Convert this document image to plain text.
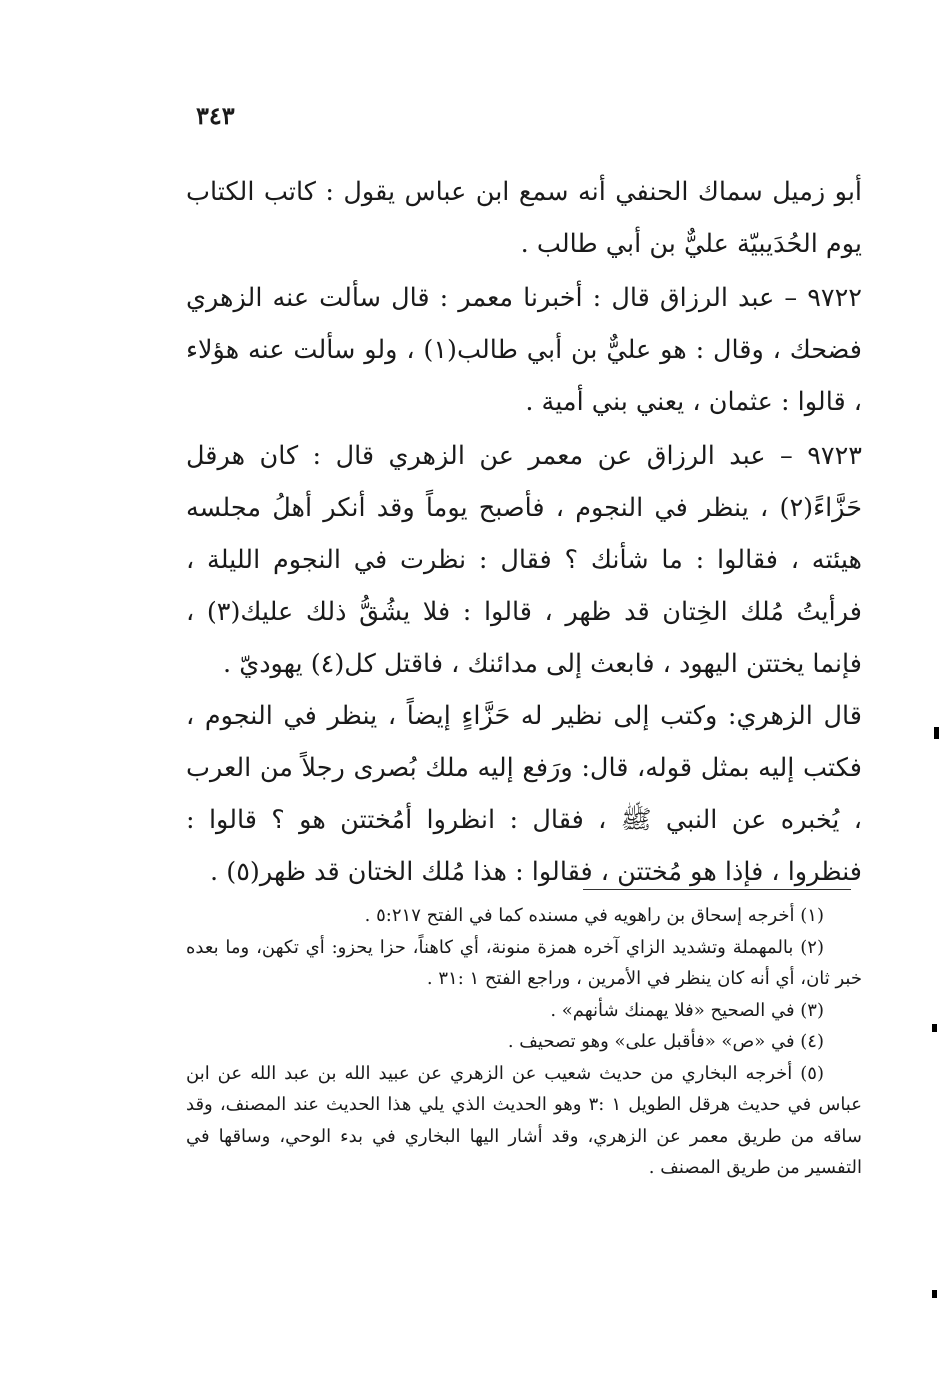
٣٤٣

أبو زميل سماك الحنفي أنه سمع ابن عباس يقول : كاتب الكتاب يوم الحُدَيبيّة عليٌّ بن أبي طالب .

٩٧٢٢ – عبد الرزاق قال : أخبرنا معمر : قال سألت عنه الزهري فضحك ، وقال : هو عليٌّ بن أبي طالب(١) ، ولو سألت عنه هؤلاء ، قالوا : عثمان ، يعني بني أمية .

٩٧٢٣ – عبد الرزاق عن معمر عن الزهري قال : كان هرقل حَزَّاءً(٢) ، ينظر في النجوم ، فأصبح يوماً وقد أنكر أهلُ مجلسه هيئته ، فقالوا : ما شأنك ؟ فقال : نظرت في النجوم الليلة ، فرأيتُ مُلك الخِتان قد ظهر ، قالوا : فلا يشُقُّ ذلك عليك(٣) ، فإنما يختتن اليهود ، فابعث إلى مدائنك ، فاقتل كل(٤) يهوديّ .

قال الزهري: وكتب إلى نظير له حَزَّاءٍ إيضاً ، ينظر في النجوم ، فكتب إليه بمثل قوله، قال: ورَفع إليه ملك بُصرى رجلاً من العرب ، يُخبره عن النبي ﷺ ، فقال : انظروا أمُختتن هو ؟ قالوا : فنظروا ، فإذا هو مُختتن ، فقالوا : هذا مُلك الختان قد ظهر(٥) .

(١) أخرجه إسحاق بن راهويه في مسنده كما في الفتح ٥:٢١٧ .

(٢) بالمهملة وتشديد الزاي آخره همزة منونة، أي كاهناً، حزا يحزو: أي تكهن، وما بعده خبر ثان، أي أنه كان ينظر في الأمرين ، وراجع الفتح ١ :٣١ .

(٣) في الصحيح «فلا يهمنك شأنهم» .

(٤) في «ص» «فأقبل على» وهو تصحيف .

(٥) أخرجه البخاري من حديث شعيب عن الزهري عن عبيد الله بن عبد الله عن ابن عباس في حديث هرقل الطويل ١ :٣ وهو الحديث الذي يلي هذا الحديث عند المصنف، وقد ساقه من طريق معمر عن الزهري، وقد أشار اليها البخاري في بدء الوحي، وساقها في التفسير من طريق المصنف .
